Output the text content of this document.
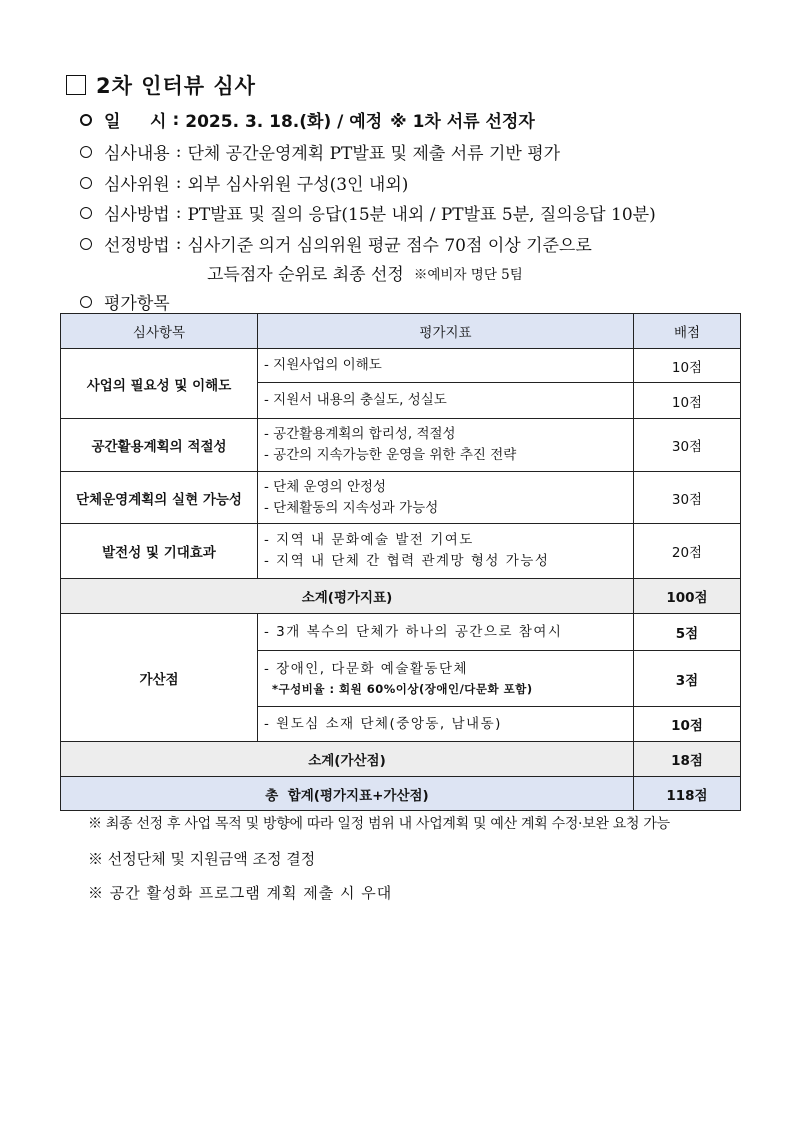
2차 인터뷰 심사
일     시 : 2025. 3. 18.(화) / 예정 ※ 1차 서류 선정자
심사내용 : 단체 공간운영계획 PT발표 및 제출 서류 기반 평가
심사위원 : 외부 심사위원 구성(3인 내외)
심사방법 : PT발표 및 질의 응답(15분 내외 / PT발표 5분, 질의응답 10분)
선정방법 : 심사기준 의거 심의위원 평균 점수 70점 이상 기준으로
고득점자 순위로 최종 선정 ※예비자 명단 5팀
평가항목
심사항목	평가지표	배점
사업의 필요성 및 이해도	- 지원사업의 이해도	10점
	- 지원서 내용의 충실도, 성실도	10점
공간활용계획의 적절성	- 공간활용계획의 합리성, 적절성
- 공간의 지속가능한 운영을 위한 추진 전략	30점
단체운영계획의 실현 가능성	- 단체 운영의 안정성
- 단체활동의 지속성과 가능성	30점
발전성 및 기대효과	- 지역 내 문화예술 발전 기여도
- 지역 내 단체 간 협력 관계망 형성 가능성	20점
소계(평가지표)		100점
가산점	- 3개 복수의 단체가 하나의 공간으로 참여시	5점

	- 장애인, 다문화 예술활동단체
*구성비율 : 회원 60%이상(장애인/다문화 포함)	3점
	- 원도심 소재 단체(중앙동, 남내동)	10점
소계(가산점)		18점
총  합계(평가지표+가산점)		118점
※ 최종 선정 후 사업 목적 및 방향에 따라 일정 범위 내 사업계획 및 예산 계획 수정·보완 요청 가능
※ 선정단체 및 지원금액 조정 결정
※ 공간 활성화 프로그램 계획 제출 시 우대
